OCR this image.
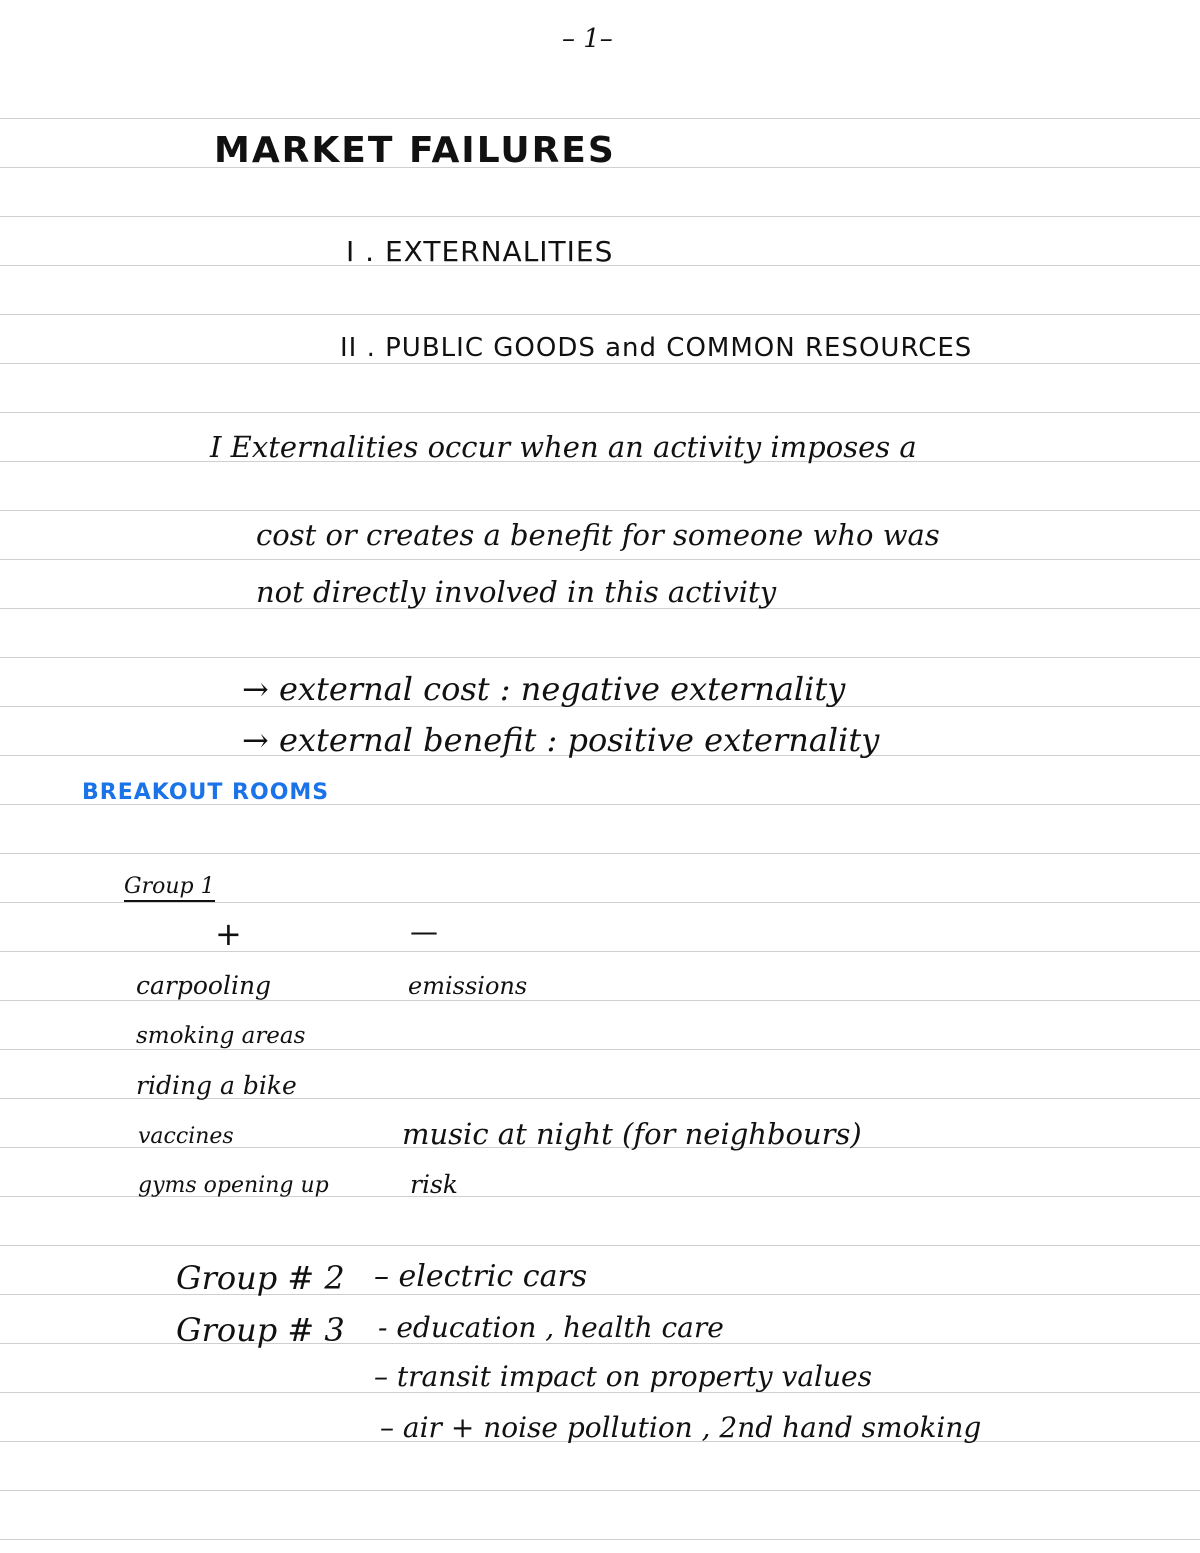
– 1–
MARKET FAILURES
I . EXTERNALITIES
II . PUBLIC GOODS and COMMON RESOURCES
I Externalities occur when an activity imposes a
cost or creates a benefit for someone who was
not directly involved in this activity
→ external cost : negative externality
→ external benefit : positive externality
BREAKOUT ROOMS
Group 1
+	—
carpooling
smoking areas
riding a bike
vaccines
gyms opening up
emissions
music at night (for neighbours)
risk
Group # 2 – electric cars
Group # 3 - education , health care
– transit impact on property values
– air + noise pollution , 2nd hand smoking
